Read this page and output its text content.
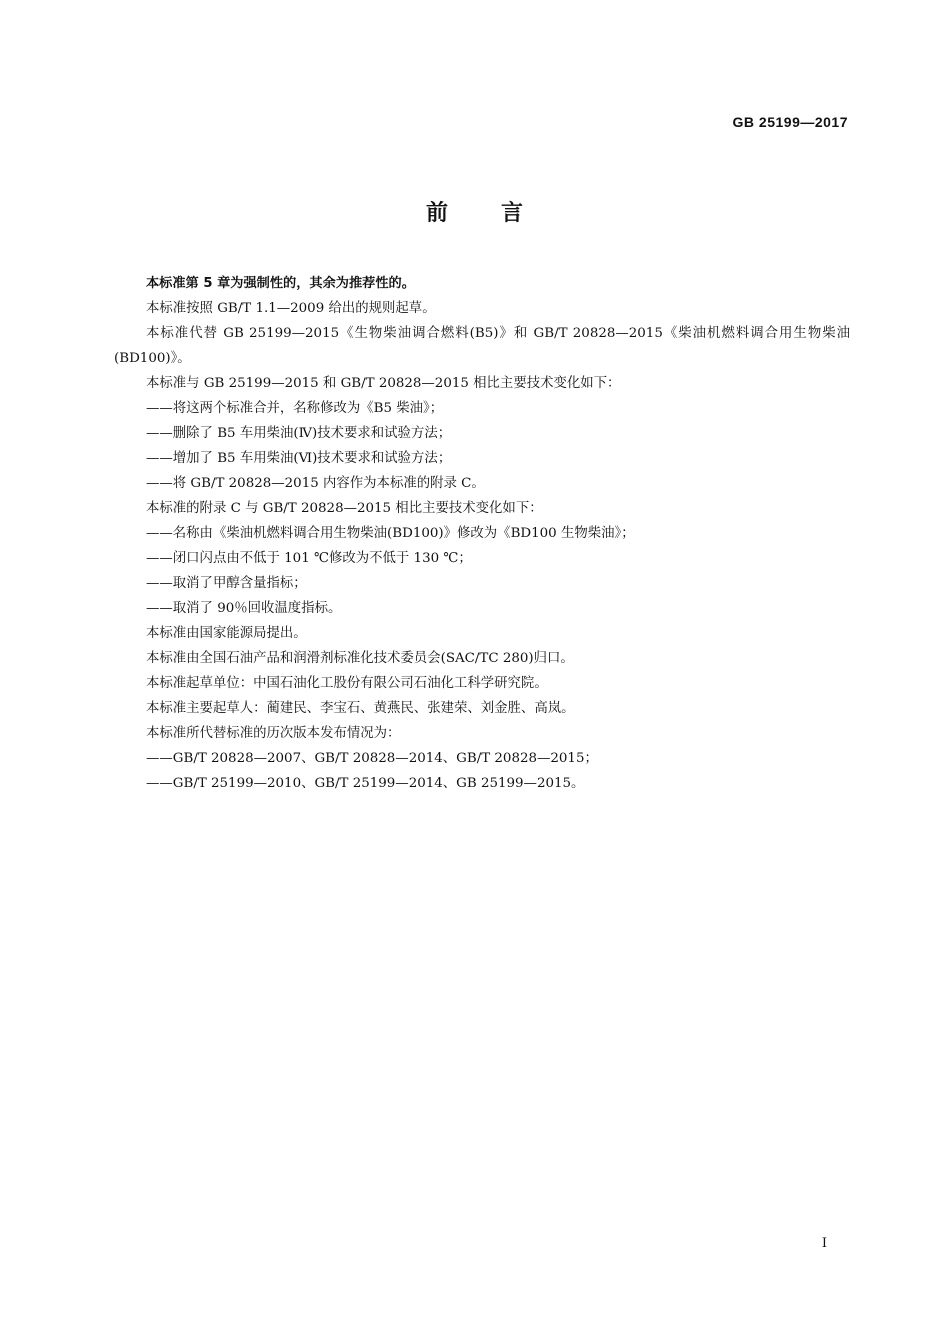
GB 25199—2017
前 言

本标准第 5 章为强制性的，其余为推荐性的。

本标准按照 GB/T 1.1—2009 给出的规则起草。

本标准代替 GB 25199—2015《生物柴油调合燃料(B5)》和 GB/T 20828—2015《柴油机燃料调合用生物柴油(BD100)》。

本标准与 GB 25199—2015 和 GB/T 20828—2015 相比主要技术变化如下：

——将这两个标准合并，名称修改为《B5 柴油》；

——删除了 B5 车用柴油(Ⅳ)技术要求和试验方法；

——增加了 B5 车用柴油(Ⅵ)技术要求和试验方法；

——将 GB/T 20828—2015 内容作为本标准的附录 C。

本标准的附录 C 与 GB/T 20828—2015 相比主要技术变化如下：

——名称由《柴油机燃料调合用生物柴油(BD100)》修改为《BD100 生物柴油》；

——闭口闪点由不低于 101 ℃修改为不低于 130 ℃；

——取消了甲醇含量指标；

——取消了 90％回收温度指标。

本标准由国家能源局提出。

本标准由全国石油产品和润滑剂标准化技术委员会(SAC/TC 280)归口。

本标准起草单位：中国石油化工股份有限公司石油化工科学研究院。

本标准主要起草人：蔺建民、李宝石、黄燕民、张建荣、刘金胜、高岚。

本标准所代替标准的历次版本发布情况为：

——GB/T 20828—2007、GB/T 20828—2014、GB/T 20828—2015；

——GB/T 25199—2010、GB/T 25199—2014、GB 25199—2015。

Ⅰ
